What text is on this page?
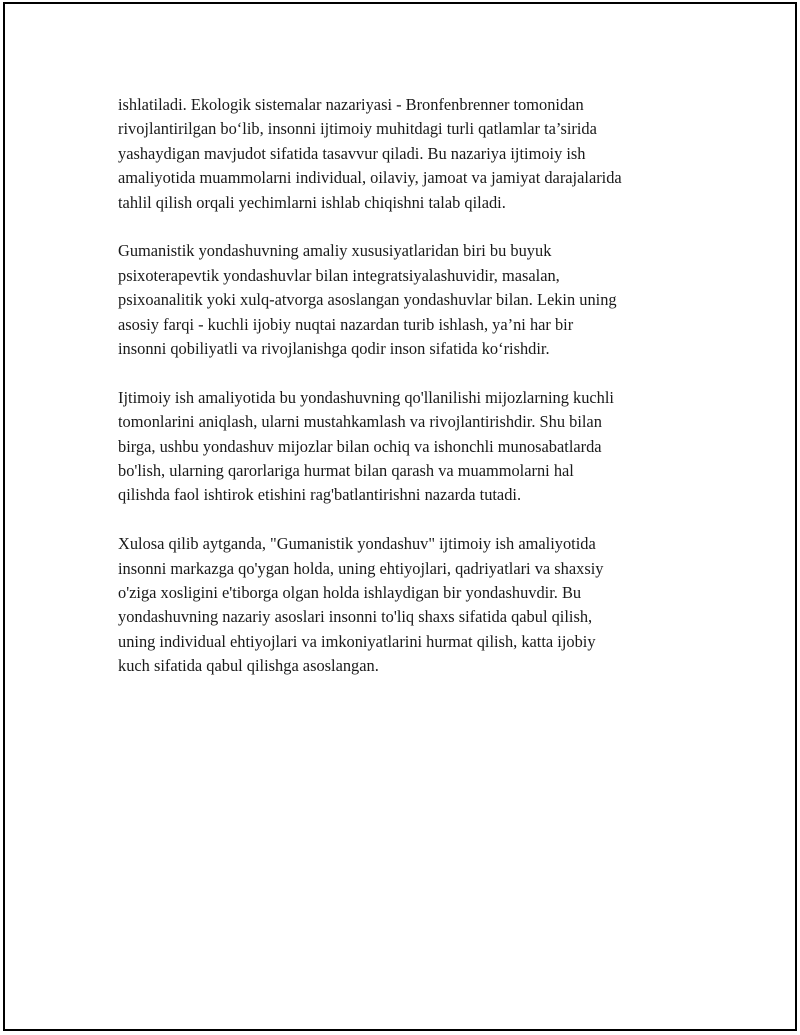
ishlatiladi. Ekologik sistemalar nazariyasi - Bronfenbrenner tomonidan
rivojlantirilgan bo‘lib, insonni ijtimoiy muhitdagi turli qatlamlar ta’sirida
yashaydigan mavjudot sifatida tasavvur qiladi. Bu nazariya ijtimoiy ish
amaliyotida muammolarni individual, oilaviy, jamoat va jamiyat darajalarida
tahlil qilish orqali yechimlarni ishlab chiqishni talab qiladi.

Gumanistik yondashuvning amaliy xususiyatlaridan biri bu buyuk
psixoterapevtik yondashuvlar bilan integratsiyalashuvidir, masalan,
psixoanalitik yoki xulq-atvorga asoslangan yondashuvlar bilan. Lekin uning
asosiy farqi - kuchli ijobiy nuqtai nazardan turib ishlash, ya’ni har bir
insonni qobiliyatli va rivojlanishga qodir inson sifatida ko‘rishdir.

Ijtimoiy ish amaliyotida bu yondashuvning qo'llanilishi mijozlarning kuchli
tomonlarini aniqlash, ularni mustahkamlash va rivojlantirishdir. Shu bilan
birga, ushbu yondashuv mijozlar bilan ochiq va ishonchli munosabatlarda
bo'lish, ularning qarorlariga hurmat bilan qarash va muammolarni hal
qilishda faol ishtirok etishini rag'batlantirishni nazarda tutadi.

Xulosa qilib aytganda, "Gumanistik yondashuv" ijtimoiy ish amaliyotida
insonni markazga qo'ygan holda, uning ehtiyojlari, qadriyatlari va shaxsiy
o'ziga xosligini e'tiborga olgan holda ishlaydigan bir yondashuvdir. Bu
yondashuvning nazariy asoslari insonni to'liq shaxs sifatida qabul qilish,
uning individual ehtiyojlari va imkoniyatlarini hurmat qilish, katta ijobiy
kuch sifatida qabul qilishga asoslangan.
